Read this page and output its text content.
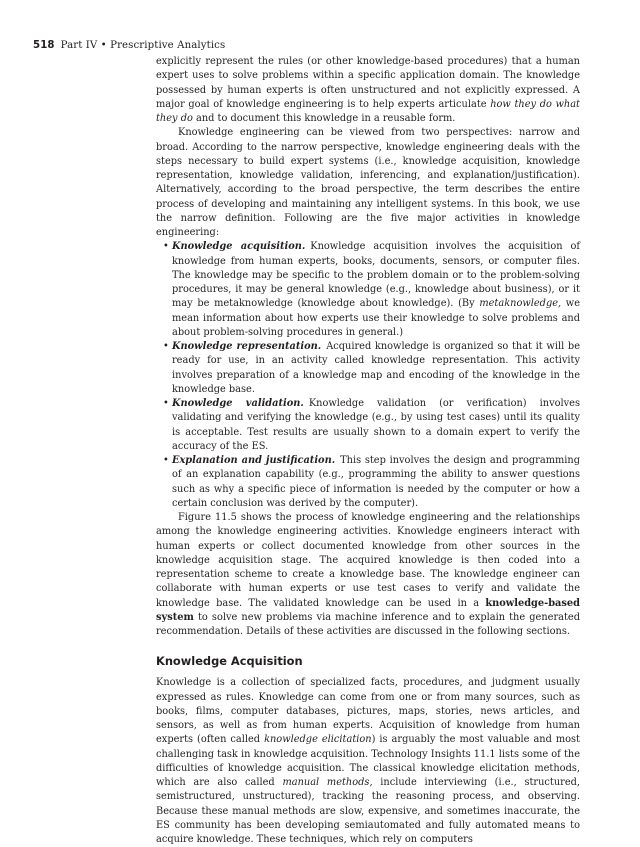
518 Part IV • Prescriptive Analytics

explicitly represent the rules (or other knowledge-based procedures) that a human expert uses to solve problems within a specific application domain. The knowledge possessed by human experts is often unstructured and not explicitly expressed. A major goal of knowledge engineering is to help experts articulate how they do what they do and to document this knowledge in a reusable form.

Knowledge engineering can be viewed from two perspectives: narrow and broad. According to the narrow perspective, knowledge engineering deals with the steps necessary to build expert systems (i.e., knowledge acquisition, knowledge representation, knowledge validation, inferencing, and explanation/justification). Alternatively, according to the broad perspective, the term describes the entire process of developing and maintaining any intelligent systems. In this book, we use the narrow definition. Following are the five major activities in knowledge engineering:

• Knowledge acquisition. Knowledge acquisition involves the acquisition of knowledge from human experts, books, documents, sensors, or computer files. The knowledge may be specific to the problem domain or to the problem-solving procedures, it may be general knowledge (e.g., knowledge about business), or it may be metaknowledge (knowledge about knowledge). (By metaknowledge, we mean information about how experts use their knowledge to solve problems and about problem-solving procedures in general.)
• Knowledge representation. Acquired knowledge is organized so that it will be ready for use, in an activity called knowledge representation. This activity involves preparation of a knowledge map and encoding of the knowledge in the knowledge base.
• Knowledge validation. Knowledge validation (or verification) involves validating and verifying the knowledge (e.g., by using test cases) until its quality is acceptable. Test results are usually shown to a domain expert to verify the accuracy of the ES.
• Explanation and justification. This step involves the design and programming of an explanation capability (e.g., programming the ability to answer questions such as why a specific piece of information is needed by the computer or how a certain conclusion was derived by the computer).

Figure 11.5 shows the process of knowledge engineering and the relationships among the knowledge engineering activities. Knowledge engineers interact with human experts or collect documented knowledge from other sources in the knowledge acquisition stage. The acquired knowledge is then coded into a representation scheme to create a knowledge base. The knowledge engineer can collaborate with human experts or use test cases to verify and validate the knowledge base. The validated knowledge can be used in a knowledge-based system to solve new problems via machine inference and to explain the generated recommendation. Details of these activities are discussed in the following sections.

Knowledge Acquisition

Knowledge is a collection of specialized facts, procedures, and judgment usually expressed as rules. Knowledge can come from one or from many sources, such as books, films, computer databases, pictures, maps, stories, news articles, and sensors, as well as from human experts. Acquisition of knowledge from human experts (often called knowledge elicitation) is arguably the most valuable and most challenging task in knowledge acquisition. Technology Insights 11.1 lists some of the difficulties of knowledge acquisition. The classical knowledge elicitation methods, which are also called manual methods, include interviewing (i.e., structured, semistructured, unstructured), tracking the reasoning process, and observing. Because these manual methods are slow, expensive, and sometimes inaccurate, the ES community has been developing semiautomated and fully automated means to acquire knowledge. These techniques, which rely on computers
